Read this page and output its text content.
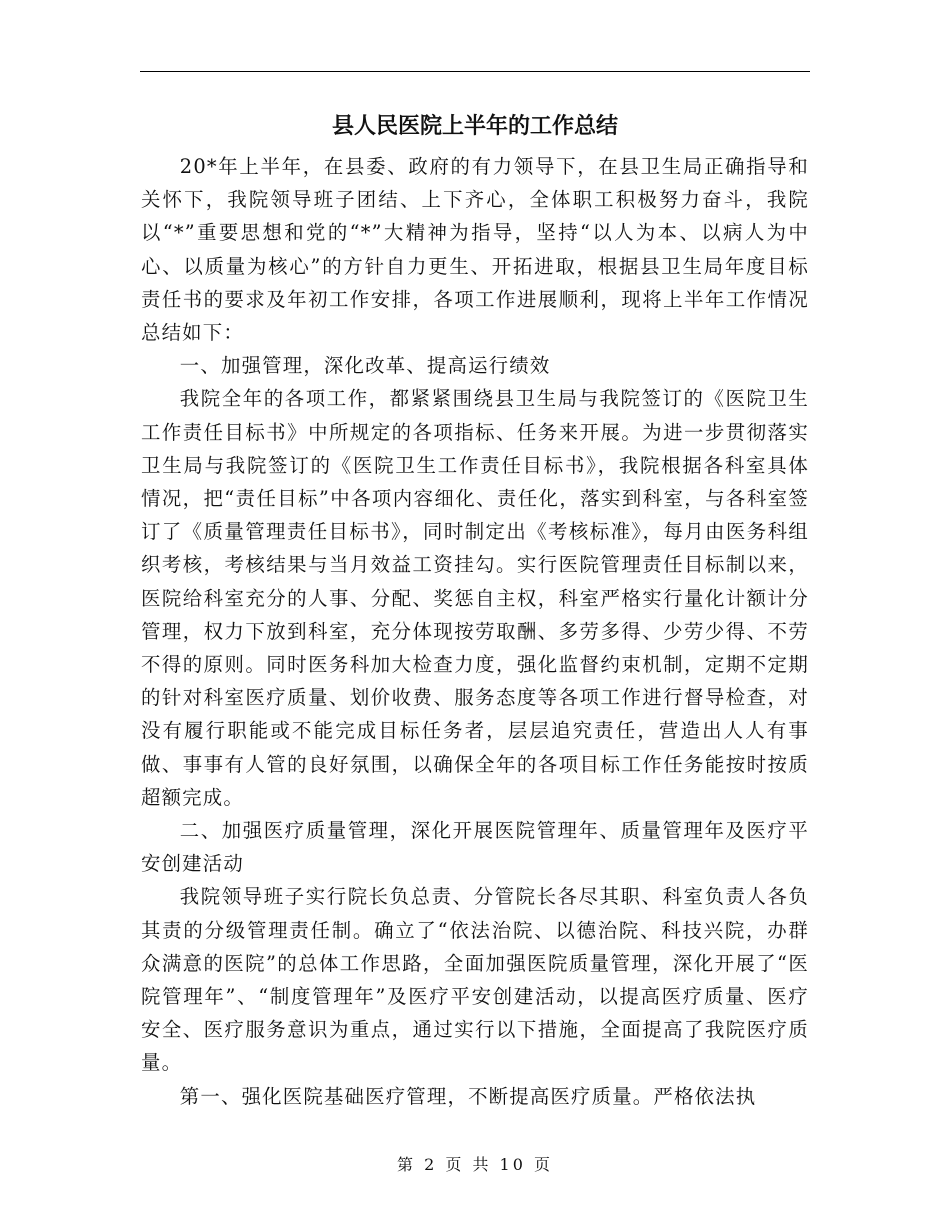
县人民医院上半年的工作总结

20*年上半年，在县委、政府的有力领导下，在县卫生局正确指导和关怀下，我院领导班子团结、上下齐心，全体职工积极努力奋斗，我院以“*”重要思想和党的“*”大精神为指导，坚持“以人为本、以病人为中心、以质量为核心”的方针自力更生、开拓进取，根据县卫生局年度目标责任书的要求及年初工作安排，各项工作进展顺利，现将上半年工作情况总结如下：

一、加强管理，深化改革、提高运行绩效

我院全年的各项工作，都紧紧围绕县卫生局与我院签订的《医院卫生工作责任目标书》中所规定的各项指标、任务来开展。为进一步贯彻落实卫生局与我院签订的《医院卫生工作责任目标书》，我院根据各科室具体情况，把“责任目标”中各项内容细化、责任化，落实到科室，与各科室签订了《质量管理责任目标书》，同时制定出《考核标准》，每月由医务科组织考核，考核结果与当月效益工资挂勾。实行医院管理责任目标制以来，医院给科室充分的人事、分配、奖惩自主权，科室严格实行量化计额计分管理，权力下放到科室，充分体现按劳取酬、多劳多得、少劳少得、不劳不得的原则。同时医务科加大检查力度，强化监督约束机制，定期不定期的针对科室医疗质量、划价收费、服务态度等各项工作进行督导检查，对没有履行职能或不能完成目标任务者，层层追究责任，营造出人人有事做、事事有人管的良好氛围，以确保全年的各项目标工作任务能按时按质超额完成。

二、加强医疗质量管理，深化开展医院管理年、质量管理年及医疗平安创建活动

我院领导班子实行院长负总责、分管院长各尽其职、科室负责人各负其责的分级管理责任制。确立了“依法治院、以德治院、科技兴院，办群众满意的医院”的总体工作思路，全面加强医院质量管理，深化开展了“医院管理年”、“制度管理年”及医疗平安创建活动，以提高医疗质量、医疗安全、医疗服务意识为重点，通过实行以下措施，全面提高了我院医疗质量。

第一、强化医院基础医疗管理，不断提高医疗质量。严格依法执

第 2 页 共 10 页
